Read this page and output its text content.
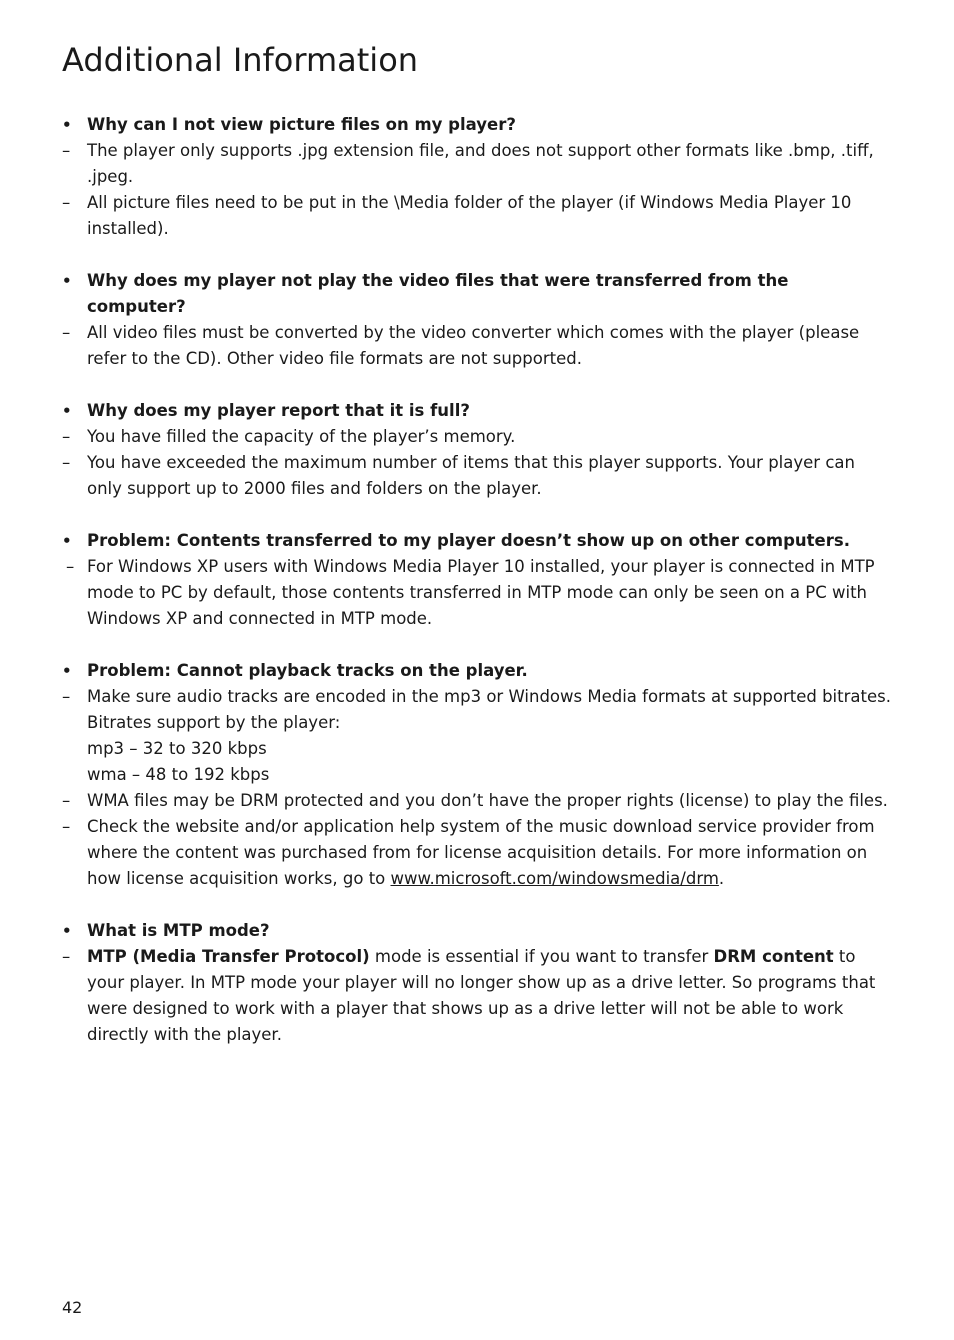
Additional Information
• Why can I not view picture files on my player?
–	The player only supports .jpg extension file, and does not support other formats like .bmp, .tiff, .jpeg.
–	All picture files need to be put in the \Media folder of the player (if Windows Media Player 10 installed).
• Why does my player not play the video files that were transferred from the computer?
–	All video files must be converted by the video converter which comes with the player (please refer to the CD). Other video file formats are not supported.
• Why does my player report that it is full?
–	You have filled the capacity of the player’s memory.
–	You have exceeded the maximum number of items that this player supports. Your player can only support up to 2000 files and folders on the player.
• Problem: Contents transferred to my player doesn’t show up on other computers.
– For Windows XP users with Windows Media Player 10 installed, your player is connected in MTP mode to PC by default, those contents transferred in MTP mode can only be seen on a PC with Windows XP and connected in MTP mode.
• Problem: Cannot playback tracks on the player.
–	Make sure audio tracks are encoded in the mp3 or Windows Media formats at supported bitrates.
Bitrates support by the player:
mp3 – 32 to 320 kbps
wma – 48 to 192 kbps
–	WMA files may be DRM protected and you don’t have the proper rights (license) to play the files.
–	Check the website and/or application help system of the music download service provider from where the content was purchased from for license acquisition details. For more information on how license acquisition works, go to www.microsoft.com/windowsmedia/drm.
• What is MTP mode?
–	MTP (Media Transfer Protocol) mode is essential if you want to transfer DRM content to your player. In MTP mode your player will no longer show up as a drive letter. So programs that were designed to work with a player that shows up as a drive letter will not be able to work directly with the player.
42
